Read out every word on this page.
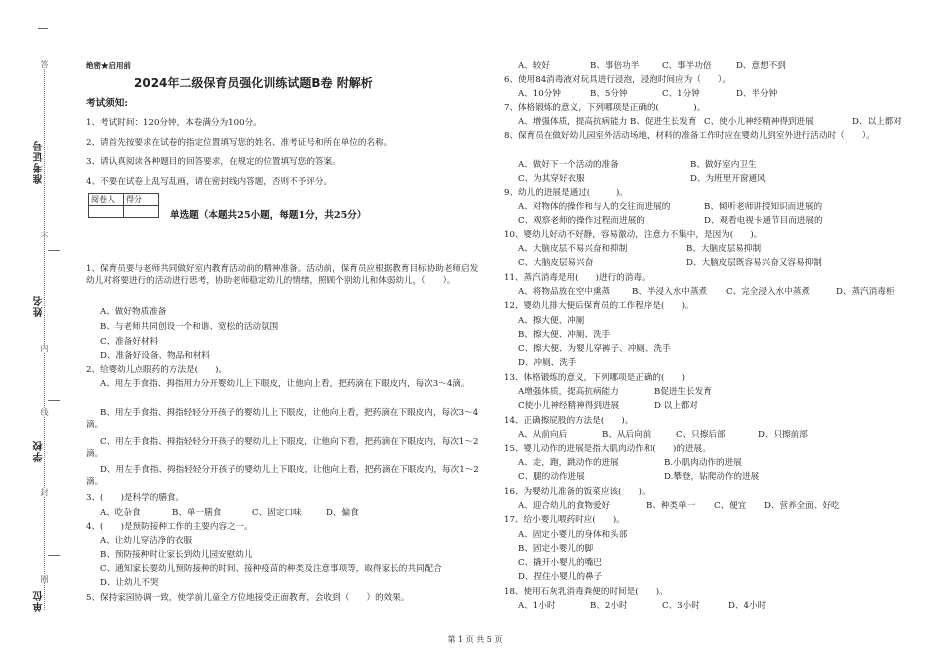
单位
学校
姓名
准考证号
答
不
内
线
封
圈
绝密★启用前
2024年二级保育员强化训练试题B卷 附解析
考试须知:
1、考试时间：120分钟，本卷满分为100分。
2、请首先按要求在试卷的指定位置填写您的姓名、准考证号和所在单位的名称。
3、请认真阅读各种题目的回答要求，在规定的位置填写您的答案。
4、不要在试卷上乱写乱画，请在密封线内答题，否则不予评分。
阅卷人	得分

单选题（本题共25小题，每题1分，共25分）
1、保育员要与老师共同做好室内教育活动前的精神准备。活动前，保育员应根据教育目标协助老师启发幼儿对将要进行的活动进行思考，协助老师稳定幼儿的情绪，照顾个别幼儿和体弱幼儿，（　　）。
A、做好物质准备
B、与老师共同创设一个和谐、宽松的活动氛围
C、准备好材料
D、准备好设备、物品和材料
2、给婴幼儿点眼药的方法是(　　)。
A、用左手食指、拇指用力分开婴幼儿上下眼皮，让他向上看，把药滴在下眼皮内，每次3～4滴。
B、用左手食指、拇指轻轻分开孩子的婴幼儿上下眼皮，让他向上看，把药滴在下眼皮内，每次3～4滴。
C、用左手食指、拇指轻轻分开孩子的婴幼儿上下眼皮，让他向下看，把药滴在下眼皮内，每次1～2滴。
D、用左手食指、拇指轻轻分开孩子的婴幼儿上下眼皮，让他向上看，把药滴在下眼皮内，每次1～2滴。
3、(　　)是科学的膳食。
A、吃杂食	B、单一膳食	C、固定口味	D、偏食
4、(　　)是预防接种工作的主要内容之一。
A、让幼儿穿洁净的衣服
B、预防接种时让家长到幼儿园安慰幼儿
C、通知家长要幼儿预防接种的时间、接种疫苗的种类及注意事项等，取得家长的共同配合
D、让幼儿不哭
5、保持家园协调一致，使学前儿童全方位地接受正面教育，会收到（　　）的效果。
A、较好	B、事倍功半	C、事半功倍	D、意想不到
6、使用84消毒液对玩具进行浸泡，浸泡时间应为（　　）。
A、10分钟	B、5分钟	C、1分钟	D、半分钟
7、体格锻炼的意义，下列哪项是正确的(　　　　)。
A、增强体质，提高抗病能力 B、促进生长发育 C、使小儿神经精神得到进展	D、以上都对
8、保育员在做好幼儿园室外活动场地，材料的准备工作时应在婴幼儿到室外进行活动时（　　）。
A、做好下一个活动的准备	B、做好室内卫生
C、为其穿好衣服	D、为班里开窗通风
9、幼儿的进展是通过(　　　)。
A、对物体的操作和与人的交往而进展的	B、倾听老师讲授知识而进展的
C、观察老师的操作过程而进展的	D、观看电视卡通节目而进展的
10、婴幼儿好动不好静，容易激动，注意力不集中，是因为(　　)。
A、大脑皮层不易兴奋和抑制	B、大脑皮层易抑制
C、大脑皮层易兴奋	D、大脑皮层既容易兴奋又容易抑制
11、蒸汽消毒是用(　　)进行的消毒。
A、将物品放在空中熏蒸	B、半浸入水中蒸煮 C、完全浸入水中蒸煮	D、蒸汽消毒柜
12、婴幼儿排大便后保育员的工作程序是(　　)。
A、擦大便、冲厕
B、擦大便、冲厕、洗手
C、擦大便、为婴儿穿裤子、冲厕、洗手
D、冲厕、洗手
13、体格锻炼的意义，下列哪项是正确的(　　)
A增强体质，提高抗病能力	B促进生长发育
C使小儿神经精神得到进展	D 以上都对
14、正确擦屁股的方法是(　　)。
A、从前向后	B、从后向前	C、只擦后部	D、只擦前部
15、婴儿动作的进展是指大肌肉动作和(　　)的进展。
A、走，跑，跳动作的进展	B.小肌肉动作的进展
C、腿的动作进展	D.攀登，钻爬动作的进展
16、为婴幼儿准备的饭菜应该(　　)。
A、迎合幼儿的食物爱好	B、种类单一 C、便宜 D、营养全面、好吃
17、给小婴儿喂药时应(　　)。
A、固定小婴儿的身体和头部
B、固定小婴儿的脚
C、撬开小婴儿的嘴巴
D、捏住小婴儿的鼻子
18、使用石灰乳消毒粪便的时间是(　　)。
A、1小时	B、2小时	C、3小时	D、4小时
第 1 页 共 5 页
